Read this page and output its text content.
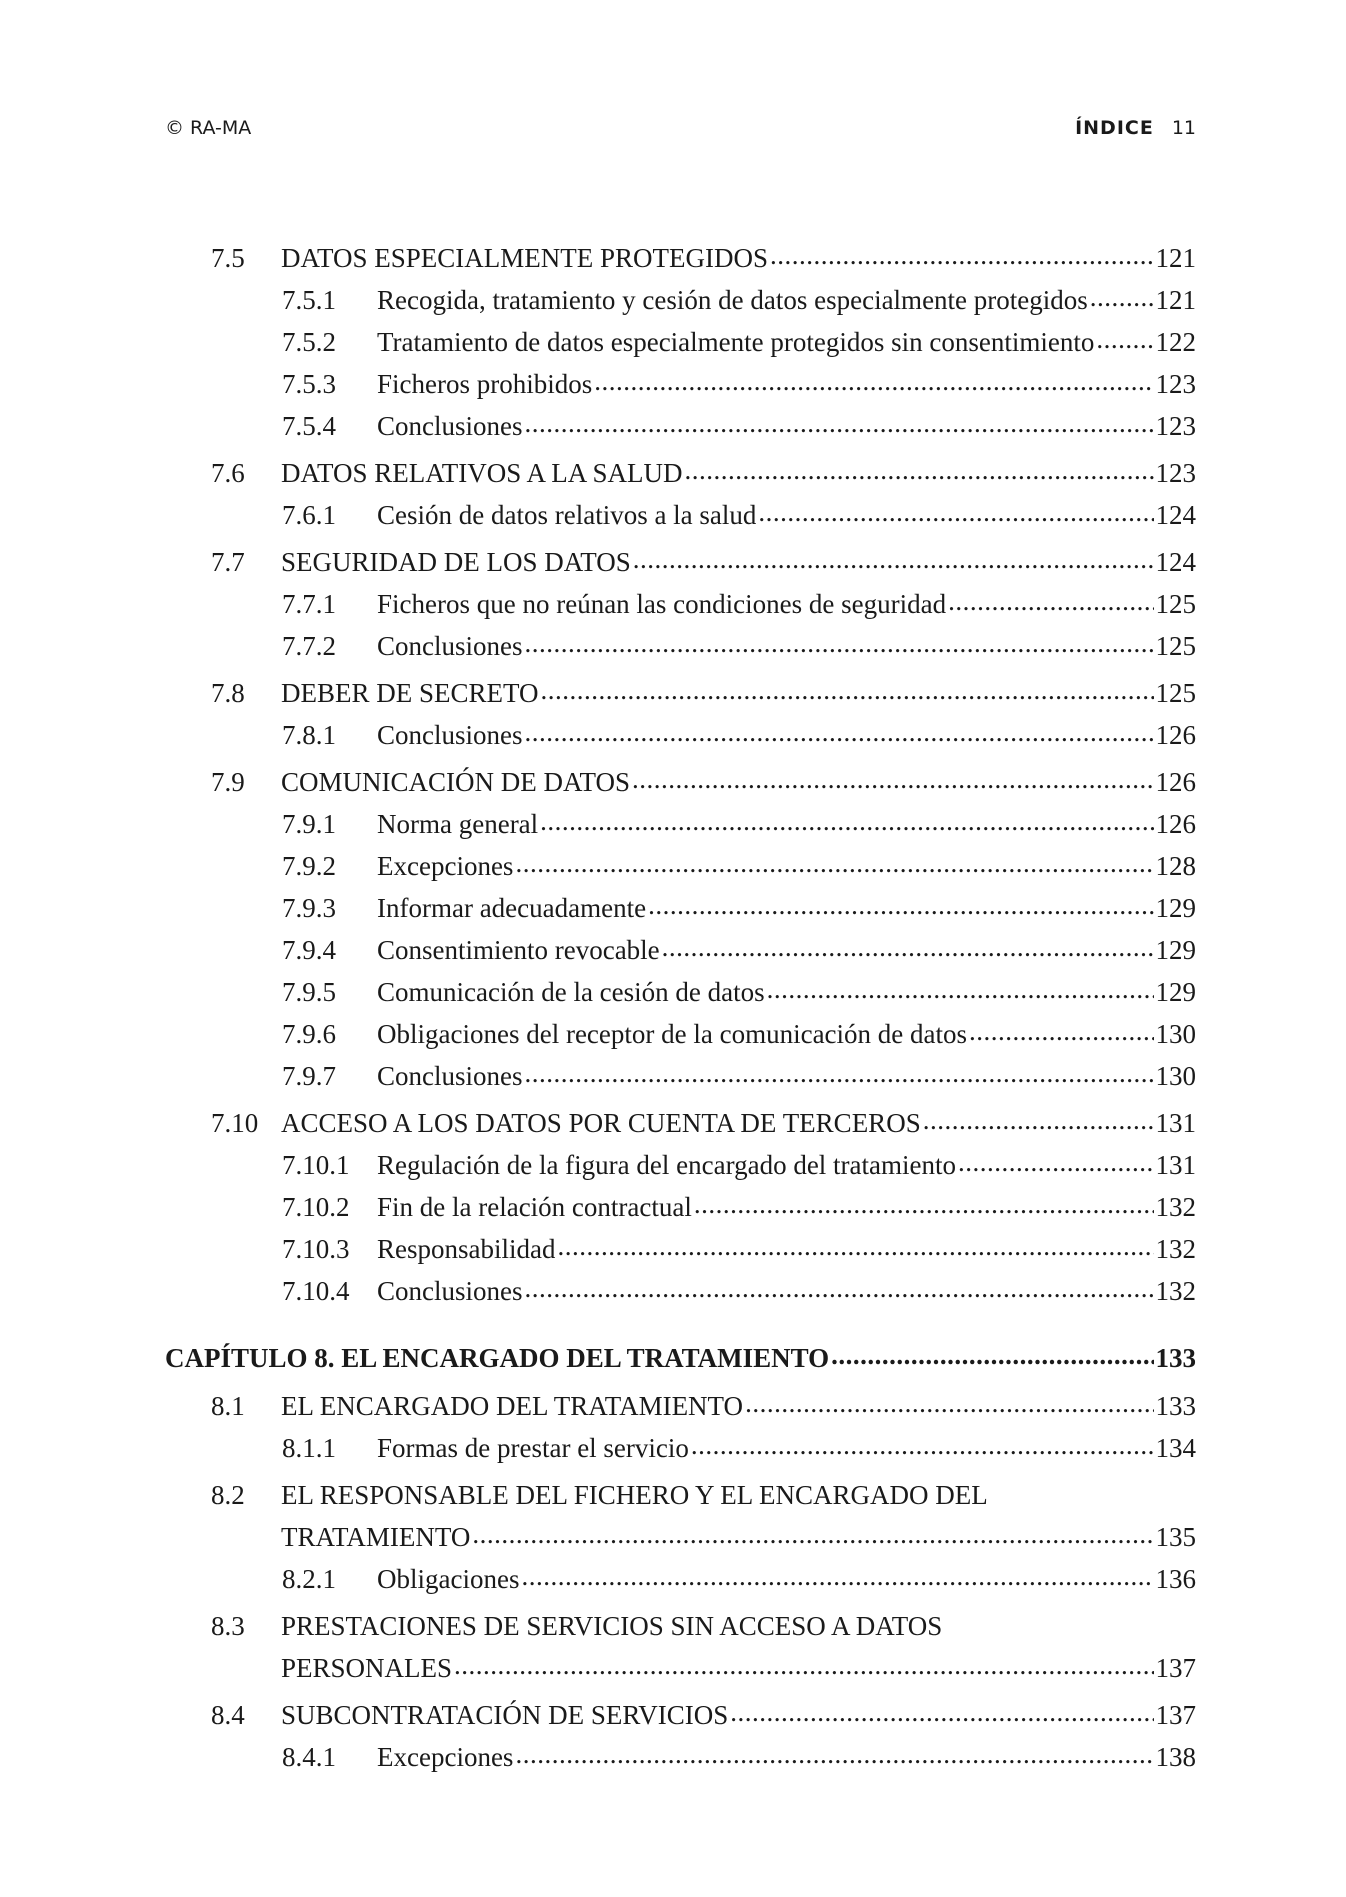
© RA-MA	ÍNDICE 11
7.5	DATOS ESPECIALMENTE PROTEGIDOS .....	121
7.5.1	Recogida, tratamiento y cesión de datos especialmente protegidos .....	121
7.5.2	Tratamiento de datos especialmente protegidos sin consentimiento ..... 122
7.5.3	Ficheros prohibidos .....	123
7.5.4	Conclusiones .....	123
7.6	DATOS RELATIVOS A LA SALUD .....	123
7.6.1	Cesión de datos relativos a la salud .....	124
7.7	SEGURIDAD DE LOS DATOS .....	124
7.7.1	Ficheros que no reúnan las condiciones de seguridad .....	125
7.7.2	Conclusiones .....	125
7.8	DEBER DE SECRETO .....	125
7.8.1	Conclusiones .....	126
7.9	COMUNICACIÓN DE DATOS .....	126
7.9.1	Norma general .....	126
7.9.2	Excepciones .....	128
7.9.3	Informar adecuadamente .....	129
7.9.4	Consentimiento revocable .....	129
7.9.5	Comunicación de la cesión de datos .....	129
7.9.6	Obligaciones del receptor de la comunicación de datos .....	130
7.9.7	Conclusiones .....	130
7.10 ACCESO A LOS DATOS POR CUENTA DE TERCEROS .....	131
7.10.1	Regulación de la figura del encargado del tratamiento .....	131
7.10.2	Fin de la relación contractual .....	132
7.10.3	Responsabilidad .....	132
7.10.4	Conclusiones .....	132
CAPÍTULO 8. EL ENCARGADO DEL TRATAMIENTO .....	133
8.1	EL ENCARGADO DEL TRATAMIENTO .....	133
8.1.1	Formas de prestar el servicio .....	134
8.2	EL RESPONSABLE DEL FICHERO Y EL ENCARGADO DEL
TRATAMIENTO .....	135
8.2.1	Obligaciones .....	136
8.3	PRESTACIONES DE SERVICIOS SIN ACCESO A DATOS
PERSONALES .....	137
8.4	SUBCONTRATACIÓN DE SERVICIOS .....	137
8.4.1	Excepciones .....	138
